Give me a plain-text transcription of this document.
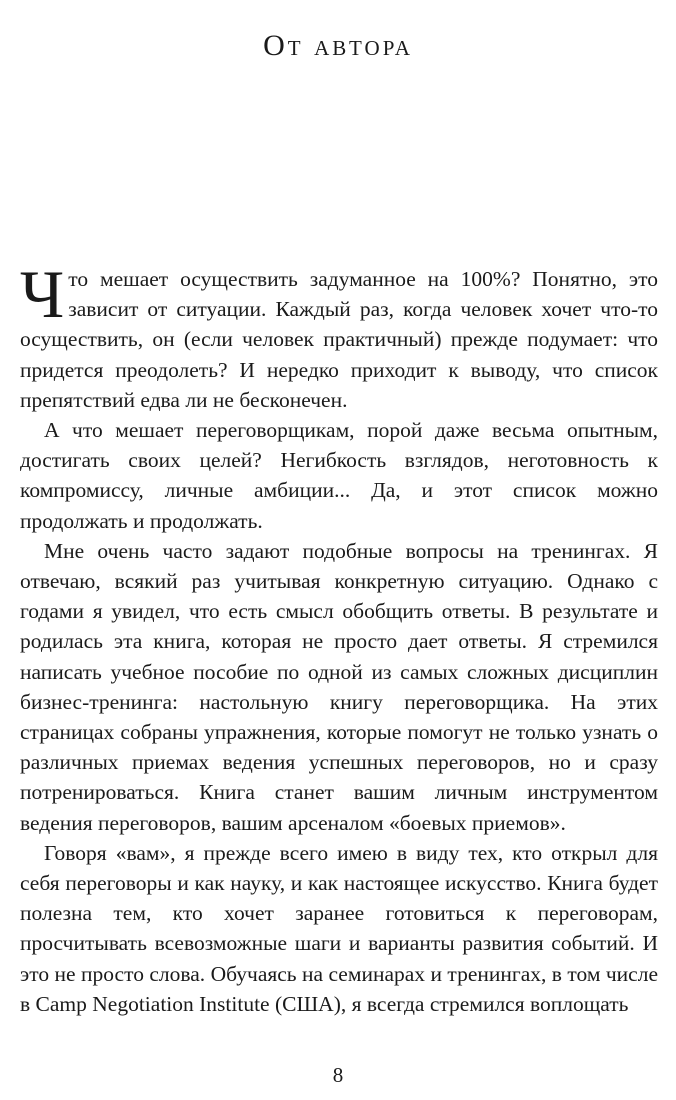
От автора

Что мешает осуществить задуманное на 100%? Понятно, это зависит от ситуации. Каждый раз, когда человек хочет что-то осуществить, он (если человек практичный) прежде подумает: что придется преодолеть? И нередко приходит к выводу, что список препятствий едва ли не бесконечен.

А что мешает переговорщикам, порой даже весьма опытным, достигать своих целей? Негибкость взглядов, неготовность к компромиссу, личные амбиции... Да, и этот список можно продолжать и продолжать.

Мне очень часто задают подобные вопросы на тренингах. Я отвечаю, всякий раз учитывая конкретную ситуацию. Однако с годами я увидел, что есть смысл обобщить ответы. В результате и родилась эта книга, которая не просто дает ответы. Я стремился написать учебное пособие по одной из самых сложных дисциплин бизнес-тренинга: настольную книгу переговорщика. На этих страницах собраны упражнения, которые помогут не только узнать о различных приемах ведения успешных переговоров, но и сразу потренироваться. Книга станет вашим личным инструментом ведения переговоров, вашим арсеналом «боевых приемов».

Говоря «вам», я прежде всего имею в виду тех, кто открыл для себя переговоры и как науку, и как настоящее искусство. Книга будет полезна тем, кто хочет заранее готовиться к переговорам, просчитывать всевозможные шаги и варианты развития событий. И это не просто слова. Обучаясь на семинарах и тренингах, в том числе в Camp Negotiation Institute (США), я всегда стремился воплощать

8
